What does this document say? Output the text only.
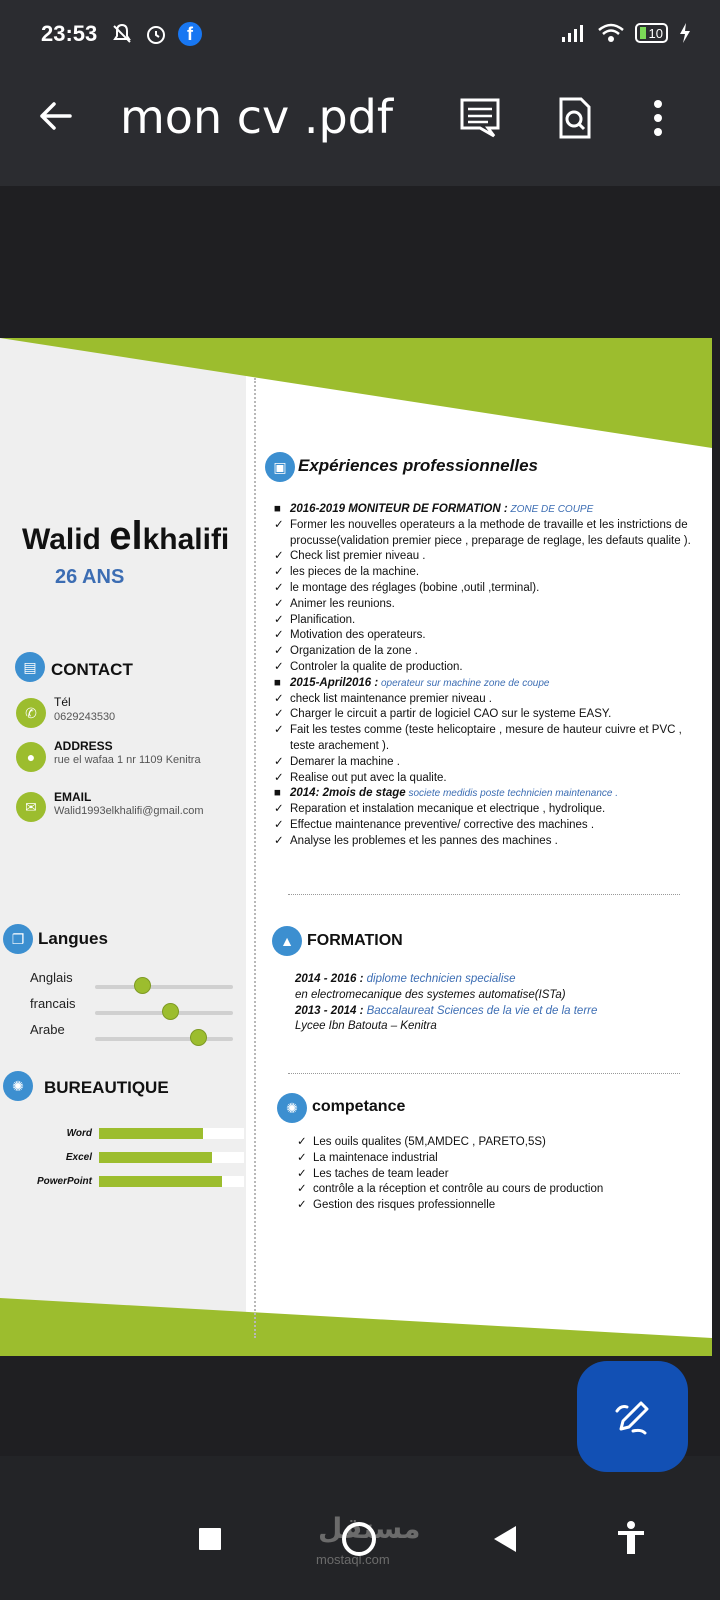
23:53	f	10
mon cv .pdf
Walid elkhalifi
26 ANS
▤ CONTACT
✆
Tél
0629243530
●
ADDRESS
rue el wafaa 1 nr 1109 Kenitra
✉
EMAIL
Walid1993elkhalifi@gmail.com
❐ Langues
Anglais
francais
Arabe
✺	BUREAUTIQUE
Word
Excel
PowerPoint
▣ Expériences professionnelles
■ 2016-2019 MONITEUR DE FORMATION : ZONE DE COUPE
✓ Former les nouvelles operateurs a la methode de travaille et les instrictions de procusse(validation premier piece , preparage de reglage, les defauts qualite ).
✓ Check list premier niveau .
✓ les pieces de la machine.
✓ le montage des réglages (bobine ,outil ,terminal).
✓ Animer les reunions.
✓ Planification.
✓ Motivation des operateurs.
✓ Organization de la zone .
✓ Controler la qualite de production.
■ 2015-April2016 : operateur sur machine zone de coupe
✓ check list maintenance premier niveau .
✓ Charger le circuit a partir de logiciel CAO sur le systeme EASY.
✓ Fait les testes comme (teste helicoptaire , mesure de hauteur cuivre et PVC , teste arachement ).
✓ Demarer la machine .
✓ Realise out put avec la qualite.
■ 2014: 2mois de stage societe medidis poste technicien maintenance .
✓ Reparation et instalation mecanique et electrique , hydrolique.
✓ Effectue maintenance preventive/ corrective des machines .
✓ Analyse les problemes et les pannes des machines .
▲ FORMATION
2014 - 2016 : diplome technicien specialise
en electromecanique des systemes automatise(ISTa)
2013 - 2014 : Baccalaureat Sciences de la vie et de la terre
Lycee Ibn Batouta – Kenitra
✺ competance
✓ Les ouils qualites (5M,AMDEC , PARETO,5S)
✓ La maintenace industrial
✓ Les taches de team leader
✓ contrôle a la réception et contrôle au cours de production
✓ Gestion des risques professionnelle
مستقل
mostaql.com
